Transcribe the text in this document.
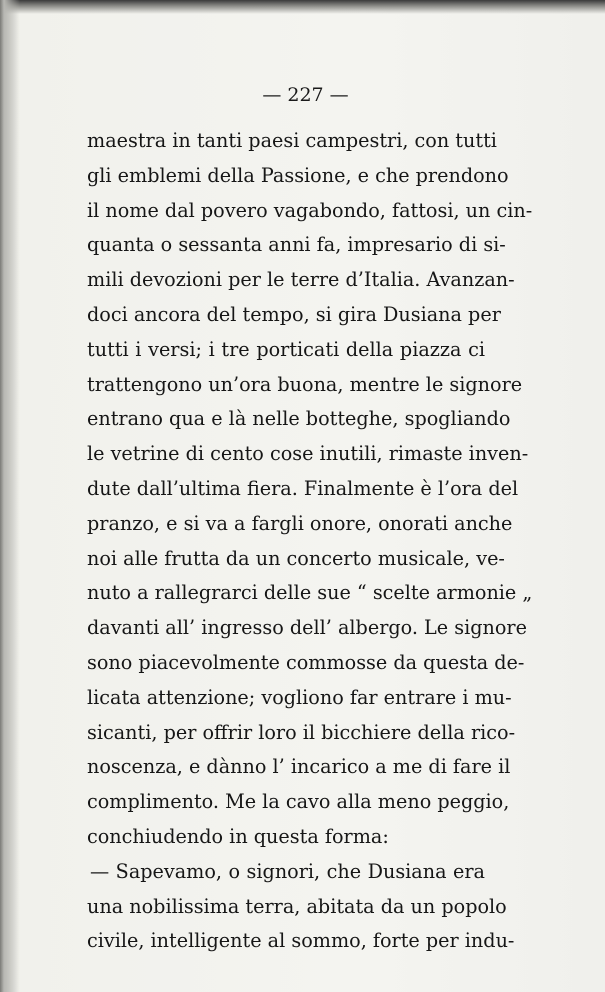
— 227 —
maestra in tanti paesi campestri, con tutti
gli emblemi della Passione, e che prendono
il nome dal povero vagabondo, fattosi, un cin-
quanta o sessanta anni fa, impresario di si-
mili devozioni per le terre d’Italia. Avanzan-
doci ancora del tempo, si gira Dusiana per
tutti i versi; i tre porticati della piazza ci
trattengono un’ora buona, mentre le signore
entrano qua e là nelle botteghe, spogliando
le vetrine di cento cose inutili, rimaste inven-
dute dall’ultima fiera. Finalmente è l’ora del
pranzo, e si va a fargli onore, onorati anche
noi alle frutta da un concerto musicale, ve-
nuto a rallegrarci delle sue “ scelte armonie „
davanti all’ ingresso dell’ albergo. Le signore
sono piacevolmente commosse da questa de-
licata attenzione; vogliono far entrare i mu-
sicanti, per offrir loro il bicchiere della rico-
noscenza, e dànno l’ incarico a me di fare il
complimento. Me la cavo alla meno peggio,
conchiudendo in questa forma:
— Sapevamo, o signori, che Dusiana era
una nobilissima terra, abitata da un popolo
civile, intelligente al sommo, forte per indu-
